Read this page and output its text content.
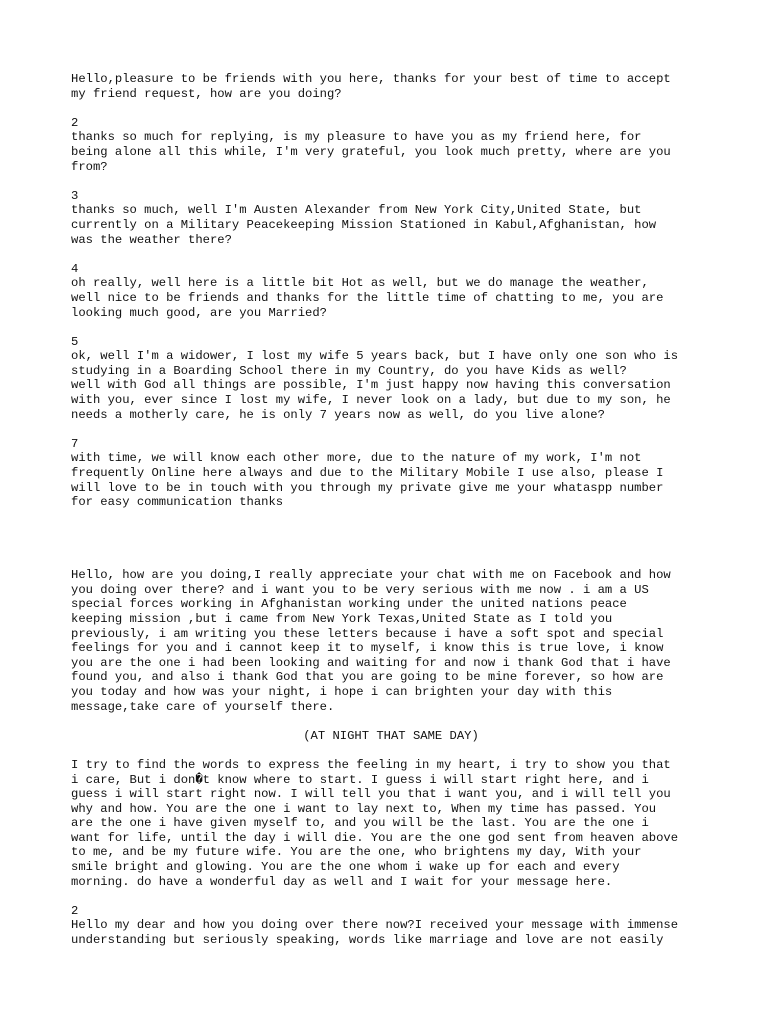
Hello,pleasure to be friends with you here, thanks for your best of time to accept
my friend request, how are you doing?

2

thanks so much for replying, is my pleasure to have you as my friend here, for
being alone all this while, I'm very grateful, you look much pretty, where are you
from?

3

thanks so much, well I'm Austen Alexander from New York City,United State, but
currently on a Military Peacekeeping Mission Stationed in Kabul,Afghanistan, how
was the weather there?

4

oh really, well here is a little bit Hot as well, but we do manage the weather,
well nice to be friends and thanks for the little time of chatting to me, you are
looking much good, are you Married?

5

ok, well I'm a widower, I lost my wife 5 years back, but I have only one son who is
studying in a Boarding School there in my Country, do you have Kids as well?
well with God all things are possible, I'm just happy now having this conversation
with you, ever since I lost my wife, I never look on a lady, but due to my son, he
needs a motherly care, he is only 7 years now as well, do you live alone?

7

with time, we will know each other more, due to the nature of my work, I'm not
frequently Online here always and due to the Military Mobile I use also, please I
will love to be in touch with you through my private give me your whataspp number
for easy communication thanks

Hello, how are you doing,I really appreciate your chat with me on Facebook and how
you doing over there? and i want you to be very serious with me now . i am a US
special forces working in Afghanistan working under the united nations peace
keeping mission ,but i came from New York Texas,United State as I told you
previously, i am writing you these letters because i have a soft spot and special
feelings for you and i cannot keep it to myself, i know this is true love, i know
you are the one i had been looking and waiting for and now i thank God that i have
found you, and also i thank God that you are going to be mine forever, so how are
you today and how was your night, i hope i can brighten your day with this
message,take care of yourself there.

(AT NIGHT THAT SAME DAY)

I try to find the words to express the feeling in my heart, i try to show you that
i care, But i don�t know where to start. I guess i will start right here, and i
guess i will start right now. I will tell you that i want you, and i will tell you
why and how. You are the one i want to lay next to, When my time has passed. You
are the one i have given myself to, and you will be the last. You are the one i
want for life, until the day i will die. You are the one god sent from heaven above
to me, and be my future wife. You are the one, who brightens my day, With your
smile bright and glowing. You are the one whom i wake up for each and every
morning. do have a wonderful day as well and I wait for your message here.

2

Hello my dear and how you doing over there now?I received your message with immense
understanding but seriously speaking, words like marriage and love are not easily
